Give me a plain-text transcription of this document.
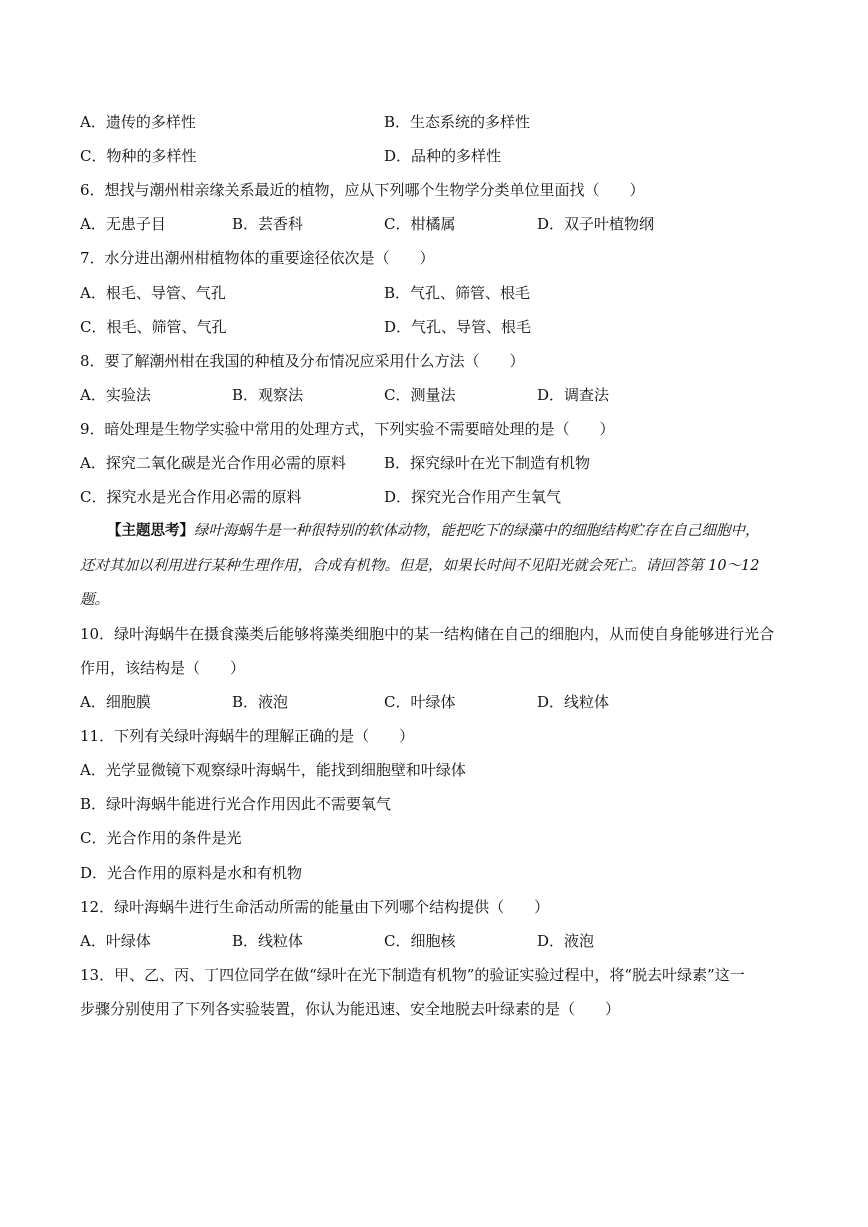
A．遗传的多样性	B．生态系统的多样性
C．物种的多样性	D．品种的多样性
6．想找与潮州柑亲缘关系最近的植物，应从下列哪个生物学分类单位里面找（　　）
A．无患子目	B．芸香科	C．柑橘属	D．双子叶植物纲
7．水分进出潮州柑植物体的重要途径依次是（　　）
A．根毛、导管、气孔	B．气孔、筛管、根毛
C．根毛、筛管、气孔	D．气孔、导管、根毛
8．要了解潮州柑在我国的种植及分布情况应采用什么方法（　　）
A．实验法	B．观察法	C．测量法	D．调查法
9．暗处理是生物学实验中常用的处理方式，下列实验不需要暗处理的是（　　）
A．探究二氧化碳是光合作用必需的原料	B．探究绿叶在光下制造有机物
C．探究水是光合作用必需的原料	D．探究光合作用产生氧气
【主题思考】绿叶海蜗牛是一种很特别的软体动物，能把吃下的绿藻中的细胞结构贮存在自己细胞中，
还对其加以利用进行某种生理作用，合成有机物。但是，如果长时间不见阳光就会死亡。请回答第 10～12
题。
10．绿叶海蜗牛在摄食藻类后能够将藻类细胞中的某一结构储在自己的细胞内，从而使自身能够进行光合
作用，该结构是（　　）
A．细胞膜	B．液泡	C．叶绿体	D．线粒体
11．下列有关绿叶海蜗牛的理解正确的是（　　）
A．光学显微镜下观察绿叶海蜗牛，能找到细胞壁和叶绿体
B．绿叶海蜗牛能进行光合作用因此不需要氧气
C．光合作用的条件是光
D．光合作用的原料是水和有机物
12．绿叶海蜗牛进行生命活动所需的能量由下列哪个结构提供（　　）
A．叶绿体	B．线粒体	C．细胞核	D．液泡
13．甲、乙、丙、丁四位同学在做“绿叶在光下制造有机物”的验证实验过程中，将“脱去叶绿素”这一
步骤分别使用了下列各实验装置，你认为能迅速、安全地脱去叶绿素的是（　　）
